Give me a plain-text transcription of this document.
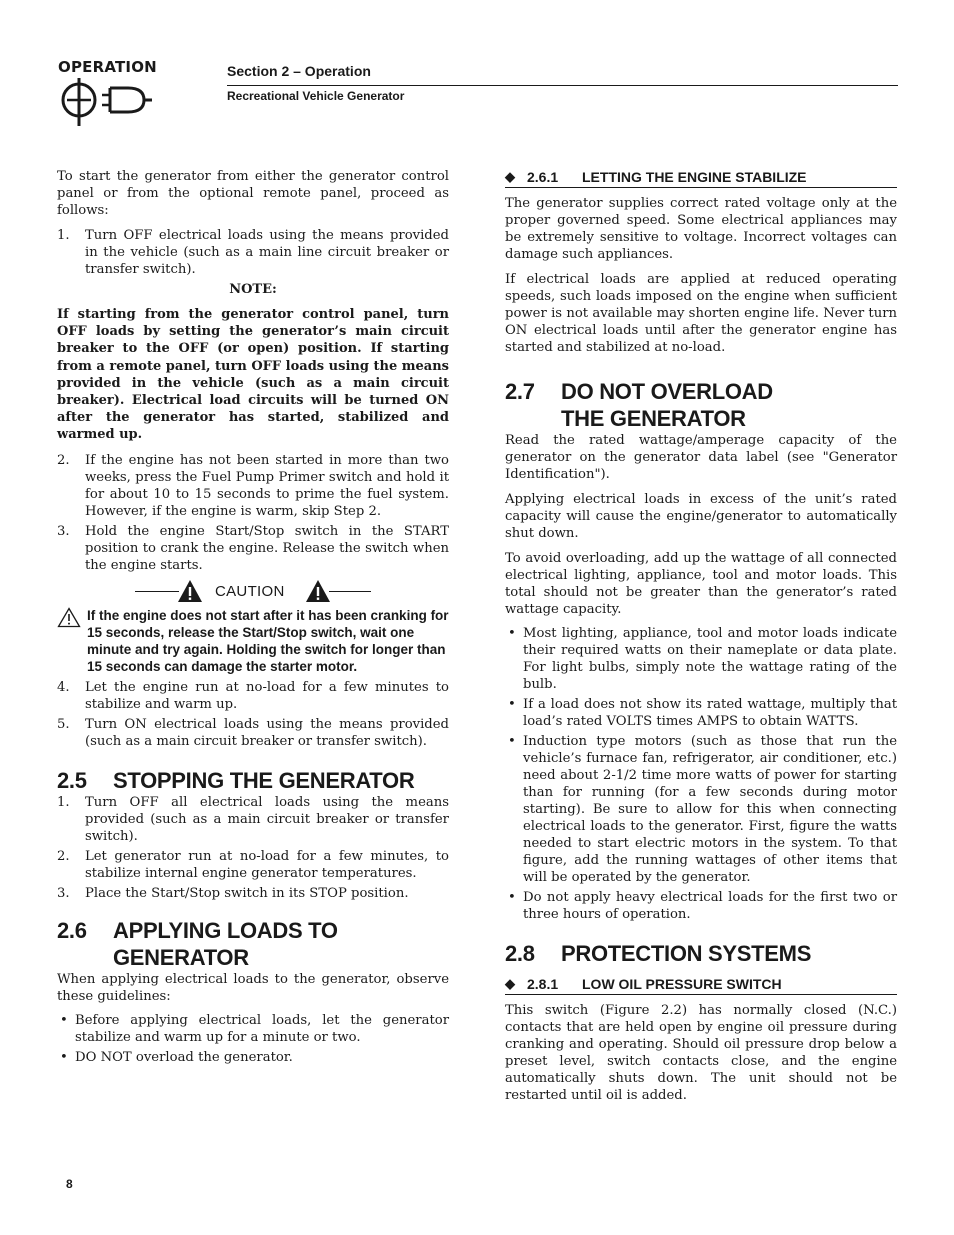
OPERATION	Section 2 – Operation
Recreational Vehicle Generator

To start the generator from either the generator control panel or from the optional remote panel, proceed as follows:

1. Turn OFF electrical loads using the means provided in the vehicle (such as a main line circuit breaker or transfer switch).
NOTE:

If starting from the generator control panel, turn OFF loads by setting the generator’s main circuit breaker to the OFF (or open) position. If starting from a remote panel, turn OFF loads using the means provided in the vehicle (such as a main circuit breaker). Electrical load circuits will be turned ON after the generator has started, stabilized and warmed up.

2. If the engine has not been started in more than two weeks, press the Fuel Pump Primer switch and hold it for about 10 to 15 seconds to prime the fuel system. However, if the engine is warm, skip Step 2.
3. Hold the engine Start/Stop switch in the START position to crank the engine. Release the switch when the engine starts.
CAUTION
If the engine does not start after it has been cranking for 15 seconds, release the Start/Stop switch, wait one minute and try again. Holding the switch for longer than 15 seconds can damage the starter motor.
4. Let the engine run at no-load for a few minutes to stabilize and warm up.
5. Turn ON electrical loads using the means provided (such as a main circuit breaker or transfer switch).
2.5	STOPPING THE GENERATOR
1. Turn OFF all electrical loads using the means provided (such as a main circuit breaker or transfer switch).
2. Let generator run at no-load for a few minutes, to stabilize internal engine generator temperatures.
3. Place the Start/Stop switch in its STOP position.
2.6	APPLYING LOADS TO GENERATOR

When applying electrical loads to the generator, observe these guidelines:

• Before applying electrical loads, let the generator stabilize and warm up for a minute or two.
• DO NOT overload the generator.
◆ 2.6.1	LETTING THE ENGINE STABILIZE

The generator supplies correct rated voltage only at the proper governed speed. Some electrical appliances may be extremely sensitive to voltage. Incorrect voltages can damage such appliances.

If electrical loads are applied at reduced operating speeds, such loads imposed on the engine when sufficient power is not available may shorten engine life. Never turn ON electrical loads until after the generator engine has started and stabilized at no-load.

2.7	DO NOT OVERLOAD THE GENERATOR

Read the rated wattage/amperage capacity of the generator on the generator data label (see "Generator Identification").

Applying electrical loads in excess of the unit’s rated capacity will cause the engine/generator to automatically shut down.

To avoid overloading, add up the wattage of all connected electrical lighting, appliance, tool and motor loads. This total should not be greater than the generator’s rated wattage capacity.

• Most lighting, appliance, tool and motor loads indicate their required watts on their nameplate or data plate. For light bulbs, simply note the wattage rating of the bulb.
• If a load does not show its rated wattage, multiply that load’s rated VOLTS times AMPS to obtain WATTS.
• Induction type motors (such as those that run the vehicle’s furnace fan, refrigerator, air conditioner, etc.) need about 2-1/2 time more watts of power for starting than for running (for a few seconds during motor starting). Be sure to allow for this when connecting electrical loads to the generator. First, figure the watts needed to start electric motors in the system. To that figure, add the running wattages of other items that will be operated by the generator.
• Do not apply heavy electrical loads for the first two or three hours of operation.
2.8	PROTECTION SYSTEMS
◆ 2.8.1	LOW OIL PRESSURE SWITCH

This switch (Figure 2.2) has normally closed (N.C.) contacts that are held open by engine oil pressure during cranking and operating. Should oil pressure drop below a preset level, switch contacts close, and the engine automatically shuts down. The unit should not be restarted until oil is added.

8
